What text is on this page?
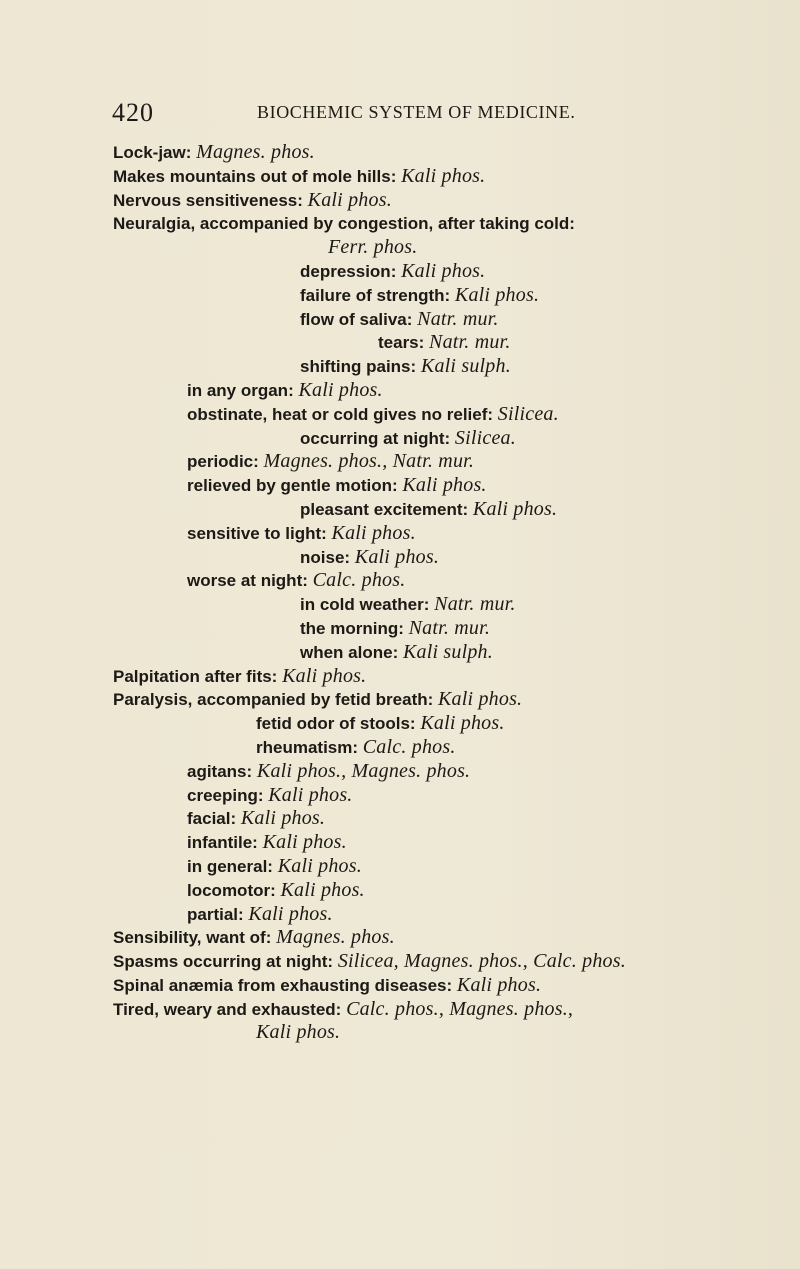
420	BIOCHEMIC SYSTEM OF MEDICINE.
Lock-jaw: Magnes. phos.
Makes mountains out of mole hills: Kali phos.
Nervous sensitiveness: Kali phos.
Neuralgia, accompanied by congestion, after taking cold:
Ferr. phos.
depression: Kali phos.
failure of strength: Kali phos.
flow of saliva: Natr. mur.
tears: Natr. mur.
shifting pains: Kali sulph.
in any organ: Kali phos.
obstinate, heat or cold gives no relief: Silicea.
occurring at night: Silicea.
periodic: Magnes. phos., Natr. mur.
relieved by gentle motion: Kali phos.
pleasant excitement: Kali phos.
sensitive to light: Kali phos.
noise: Kali phos.
worse at night: Calc. phos.
in cold weather: Natr. mur.
the morning: Natr. mur.
when alone: Kali sulph.
Palpitation after fits: Kali phos.
Paralysis, accompanied by fetid breath: Kali phos.
fetid odor of stools: Kali phos.
rheumatism: Calc. phos.
agitans: Kali phos., Magnes. phos.
creeping: Kali phos.
facial: Kali phos.
infantile: Kali phos.
in general: Kali phos.
locomotor: Kali phos.
partial: Kali phos.
Sensibility, want of: Magnes. phos.
Spasms occurring at night: Silicea, Magnes. phos., Calc. phos.
Spinal anæmia from exhausting diseases: Kali phos.
Tired, weary and exhausted: Calc. phos., Magnes. phos.,
Kali phos.
